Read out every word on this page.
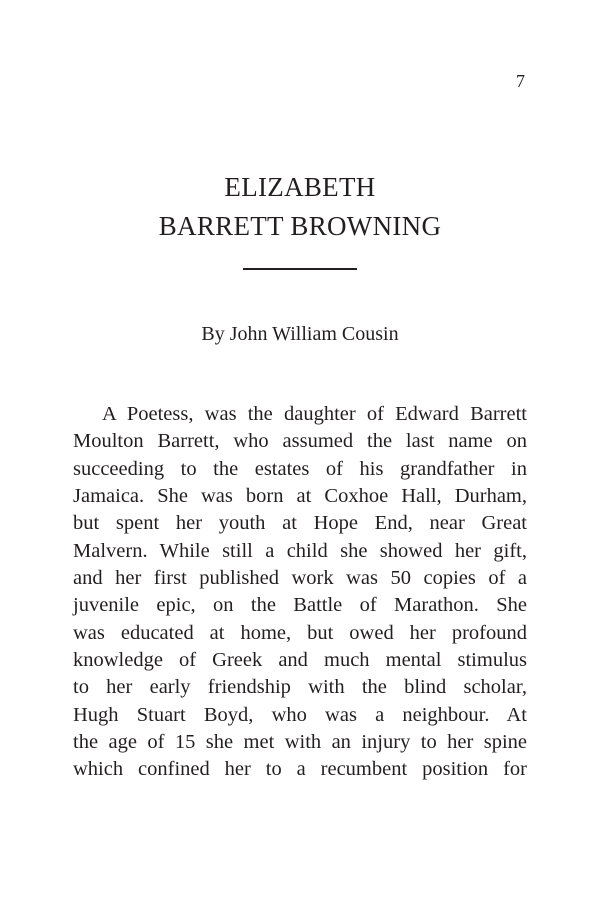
7
ELIZABETH
BARRETT BROWNING
By John William Cousin
A Poetess, was the daughter of Edward Barrett
Moulton Barrett, who assumed the last name on
succeeding to the estates of his grandfather in
Jamaica. She was born at Coxhoe Hall, Durham,
but spent her youth at Hope End, near Great
Malvern. While still a child she showed her gift,
and her first published work was 50 copies of a
juvenile epic, on the Battle of Marathon. She
was educated at home, but owed her profound
knowledge of Greek and much mental stimulus
to her early friendship with the blind scholar,
Hugh Stuart Boyd, who was a neighbour. At
the age of 15 she met with an injury to her spine
which confined her to a recumbent position for
